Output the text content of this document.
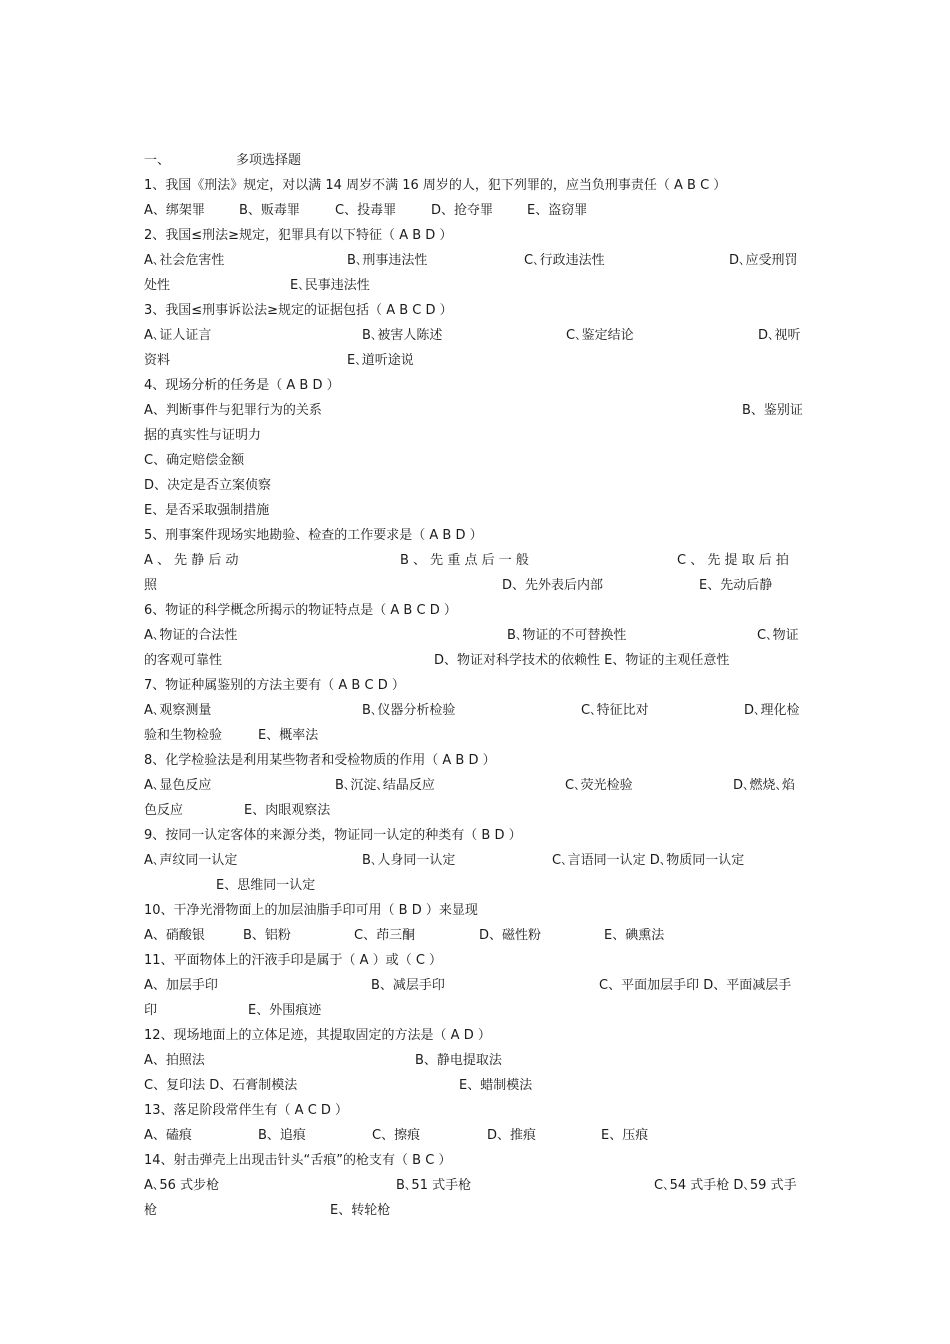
一、	多项选择题
1、我国《刑法》规定，对以满 14 周岁不满 16 周岁的人，犯下列罪的，应当负刑事责任（ A B C ）
A、绑架罪	B、贩毒罪	C、投毒罪	D、抢夺罪	E、盗窃罪
2、我国≤刑法≥规定，犯罪具有以下特征（ A B D ）
A､社会危害性	B､刑事违法性	C､行政违法性	D､应受刑罚
处性	E､民事违法性
3、我国≤刑事诉讼法≥规定的证据包括（ A B C D ）
A､证人证言	B､被害人陈述	C､鉴定结论	D､视听
资料	E､道听途说
4、现场分析的任务是（ A B D ）
A、判断事件与犯罪行为的关系	B、鉴别证
据的真实性与证明力
C、确定赔偿金额
D、决定是否立案侦察
E、是否采取强制措施
5、刑事案件现场实地勘验、检查的工作要求是（ A B D ）
A 、 先 静 后 动	B 、 先 重 点 后 一 般	C 、 先 提 取 后 拍
照	D、先外表后内部	E、先动后静
6、物证的科学概念所揭示的物证特点是（ A B C D ）
A､物证的合法性	B､物证的不可替换性	C､物证
的客观可靠性	D、物证对科学技术的依赖性 E、物证的主观任意性
7、物证种属鉴别的方法主要有（ A B C D ）
A､观察测量	B､仪器分析检验	C､特征比对	D､理化检
验和生物检验	E、概率法
8、化学检验法是利用某些物者和受检物质的作用（ A B D ）
A､显色反应	B､沉淀､结晶反应	C､荧光检验	D､燃烧､焰
色反应	E、肉眼观察法
9、按同一认定客体的来源分类，物证同一认定的种类有（ B D ）
A､声纹同一认定	B､人身同一认定	C､言语同一认定 D､物质同一认定
E、思维同一认定
10、干净光滑物面上的加层油脂手印可用（ B D ）来显现
A、硝酸银	B、铝粉	C、茚三酮	D、磁性粉	E、碘熏法
11、平面物体上的汗液手印是属于（ A ）或（ C ）
A、加层手印	B、减层手印	C、平面加层手印 D、平面减层手
印	E、外围痕迹
12、现场地面上的立体足迹，其提取固定的方法是（ A D ）
A、拍照法	B、静电提取法
C、复印法 D、石膏制模法	E、蜡制模法
13、落足阶段常伴生有（ A C D ）
A、磕痕	B、追痕	C、擦痕	D、推痕	E、压痕
14、射击弹壳上出现击针头“舌痕”的枪支有（ B C ）
A､56 式步枪	B､51 式手枪	C､54 式手枪 D､59 式手
枪	E、转轮枪
